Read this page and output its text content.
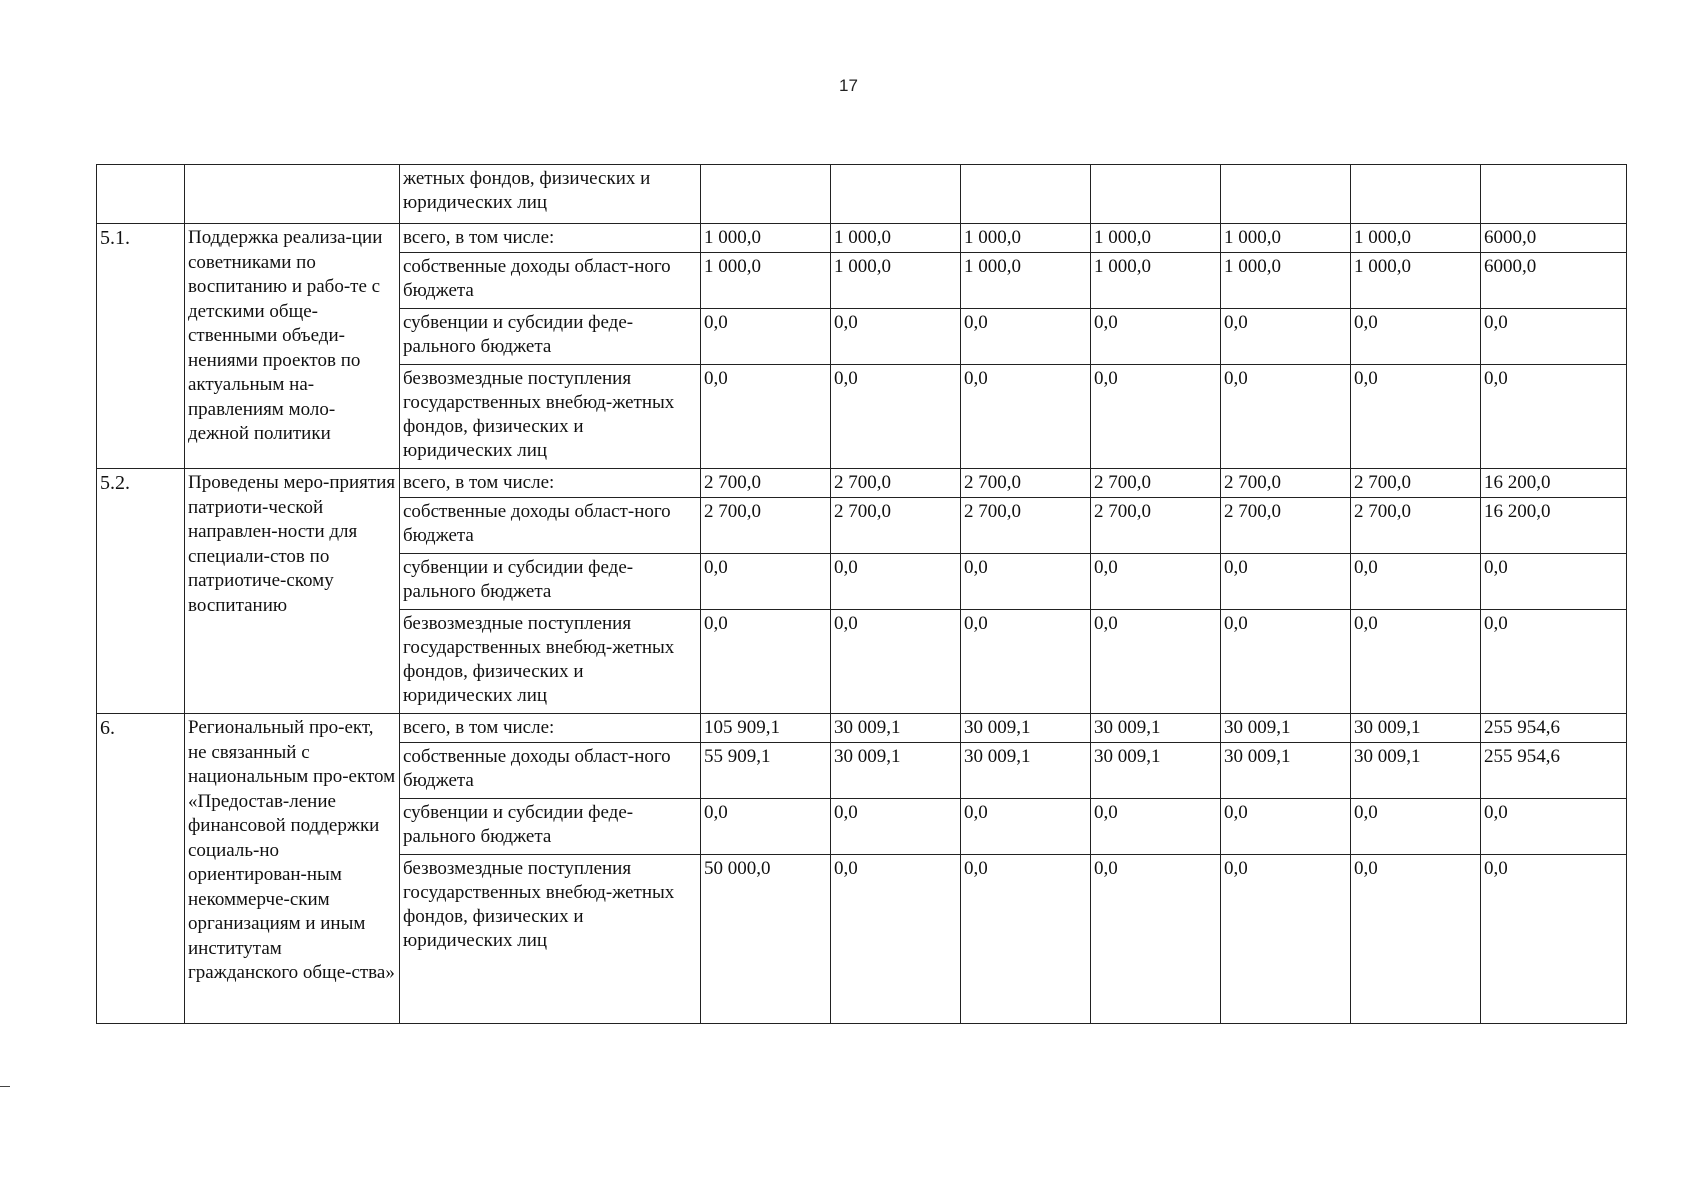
17
		жетных фондов, физических и юридических лиц							
5.1.	Поддержка реализа-ции советниками по воспитанию и рабо-те с детскими обще-ственными объеди-нениями проектов по актуальным на-правлениям моло-дежной политики	всего, в том числе:	1 000,0	1 000,0	1 000,0	1 000,0	1 000,0	1 000,0	6000,0
		собственные доходы област-ного бюджета	1 000,0	1 000,0	1 000,0	1 000,0	1 000,0	1 000,0	6000,0
		субвенции и субсидии феде-рального бюджета	0,0	0,0	0,0	0,0	0,0	0,0	0,0
		безвозмездные поступления государственных внебюд-жетных фондов, физических и юридических лиц	0,0	0,0	0,0	0,0	0,0	0,0	0,0
5.2.	Проведены меро-приятия патриоти-ческой направлен-ности для специали-стов по патриотиче-скому воспитанию	всего, в том числе:	2 700,0	2 700,0	2 700,0	2 700,0	2 700,0	2 700,0	16 200,0
		собственные доходы област-ного бюджета	2 700,0	2 700,0	2 700,0	2 700,0	2 700,0	2 700,0	16 200,0
		субвенции и субсидии феде-рального бюджета	0,0	0,0	0,0	0,0	0,0	0,0	0,0
		безвозмездные поступления государственных внебюд-жетных фондов, физических и юридических лиц	0,0	0,0	0,0	0,0	0,0	0,0	0,0
6.	Региональный про-ект, не связанный с национальным про-ектом «Предостав-ление финансовой поддержки социаль-но ориентирован-ным некоммерче-ским организациям и иным институтам гражданского обще-ства»	всего, в том числе:	105 909,1	30 009,1	30 009,1	30 009,1	30 009,1	30 009,1	255 954,6
		собственные доходы област-ного бюджета	55 909,1	30 009,1	30 009,1	30 009,1	30 009,1	30 009,1	255 954,6
		субвенции и субсидии феде-рального бюджета	0,0	0,0	0,0	0,0	0,0	0,0	0,0
		безвозмездные поступления государственных внебюд-жетных фондов, физических и юридических лиц	50 000,0	0,0	0,0	0,0	0,0	0,0	0,0
